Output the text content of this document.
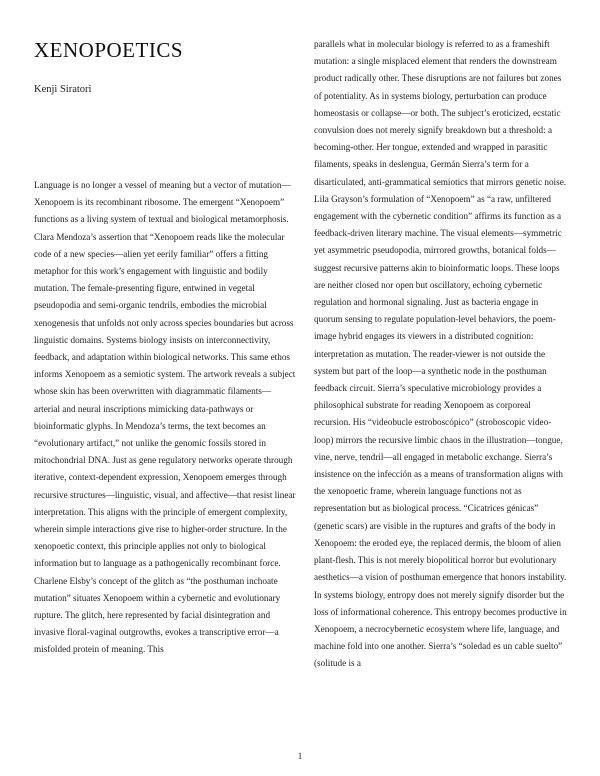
XENOPOETICS
Kenji Siratori

Language is no longer a vessel of meaning but a vector of mutation—Xenopoem is its recombinant ribosome. The emergent “Xenopoem” functions as a living system of textual and biological metamorphosis. Clara Mendoza’s assertion that “Xenopoem reads like the molecular code of a new species—alien yet eerily familiar” offers a fitting metaphor for this work’s engagement with linguistic and bodily mutation. The female-presenting figure, entwined in vegetal pseudopodia and semi-organic tendrils, embodies the microbial xenogenesis that unfolds not only across species boundaries but across linguistic domains. Systems biology insists on interconnectivity, feedback, and adaptation within biological networks. This same ethos informs Xenopoem as a semiotic system. The artwork reveals a subject whose skin has been overwritten with diagrammatic filaments—arterial and neural inscriptions mimicking data-pathways or bioinformatic glyphs. In Mendoza’s terms, the text becomes an “evolutionary artifact,” not unlike the genomic fossils stored in mitochondrial DNA. Just as gene regulatory networks operate through iterative, context-dependent expression, Xenopoem emerges through recursive structures—linguistic, visual, and affective—that resist linear interpretation. This aligns with the principle of emergent complexity, wherein simple interactions give rise to higher-order structure. In the xenopoetic context, this principle applies not only to biological information but to language as a pathogenically recombinant force. Charlene Elsby’s concept of the glitch as “the posthuman inchoate mutation” situates Xenopoem within a cybernetic and evolutionary rupture. The glitch, here represented by facial disintegration and invasive floral-vaginal outgrowths, evokes a transcriptive error—a misfolded protein of meaning. This

parallels what in molecular biology is referred to as a frameshift mutation: a single misplaced element that renders the downstream product radically other. These disruptions are not failures but zones of potentiality. As in systems biology, perturbation can produce homeostasis or collapse—or both. The subject’s eroticized, ecstatic convulsion does not merely signify breakdown but a threshold: a becoming-other. Her tongue, extended and wrapped in parasitic filaments, speaks in deslengua, Germán Sierra’s term for a disarticulated, anti-grammatical semiotics that mirrors genetic noise. Lila Grayson’s formulation of “Xenopoem” as “a raw, unfiltered engagement with the cybernetic condition” affirms its function as a feedback-driven literary machine. The visual elements—symmetric yet asymmetric pseudopodia, mirrored growths, botanical folds—suggest recursive patterns akin to bioinformatic loops. These loops are neither closed nor open but oscillatory, echoing cybernetic regulation and hormonal signaling. Just as bacteria engage in quorum sensing to regulate population-level behaviors, the poem-image hybrid engages its viewers in a distributed cognition: interpretation as mutation. The reader-viewer is not outside the system but part of the loop—a synthetic node in the posthuman feedback circuit. Sierra’s speculative microbiology provides a philosophical substrate for reading Xenopoem as corporeal recursion. His “videobucle estroboscópico” (stroboscopic video-loop) mirrors the recursive limbic chaos in the illustration—tongue, vine, nerve, tendril—all engaged in metabolic exchange. Sierra’s insistence on the infección as a means of transformation aligns with the xenopoetic frame, wherein language functions not as representation but as biological process. “Cicatrices génicas” (genetic scars) are visible in the ruptures and grafts of the body in Xenopoem: the eroded eye, the replaced dermis, the bloom of alien plant-flesh. This is not merely biopolitical horror but evolutionary aesthetics—a vision of posthuman emergence that honors instability. In systems biology, entropy does not merely signify disorder but the loss of informational coherence. This entropy becomes productive in Xenopoem, a necrocybernetic ecosystem where life, language, and machine fold into one another. Sierra’s “soledad es un cable suelto” (solitude is a

1
